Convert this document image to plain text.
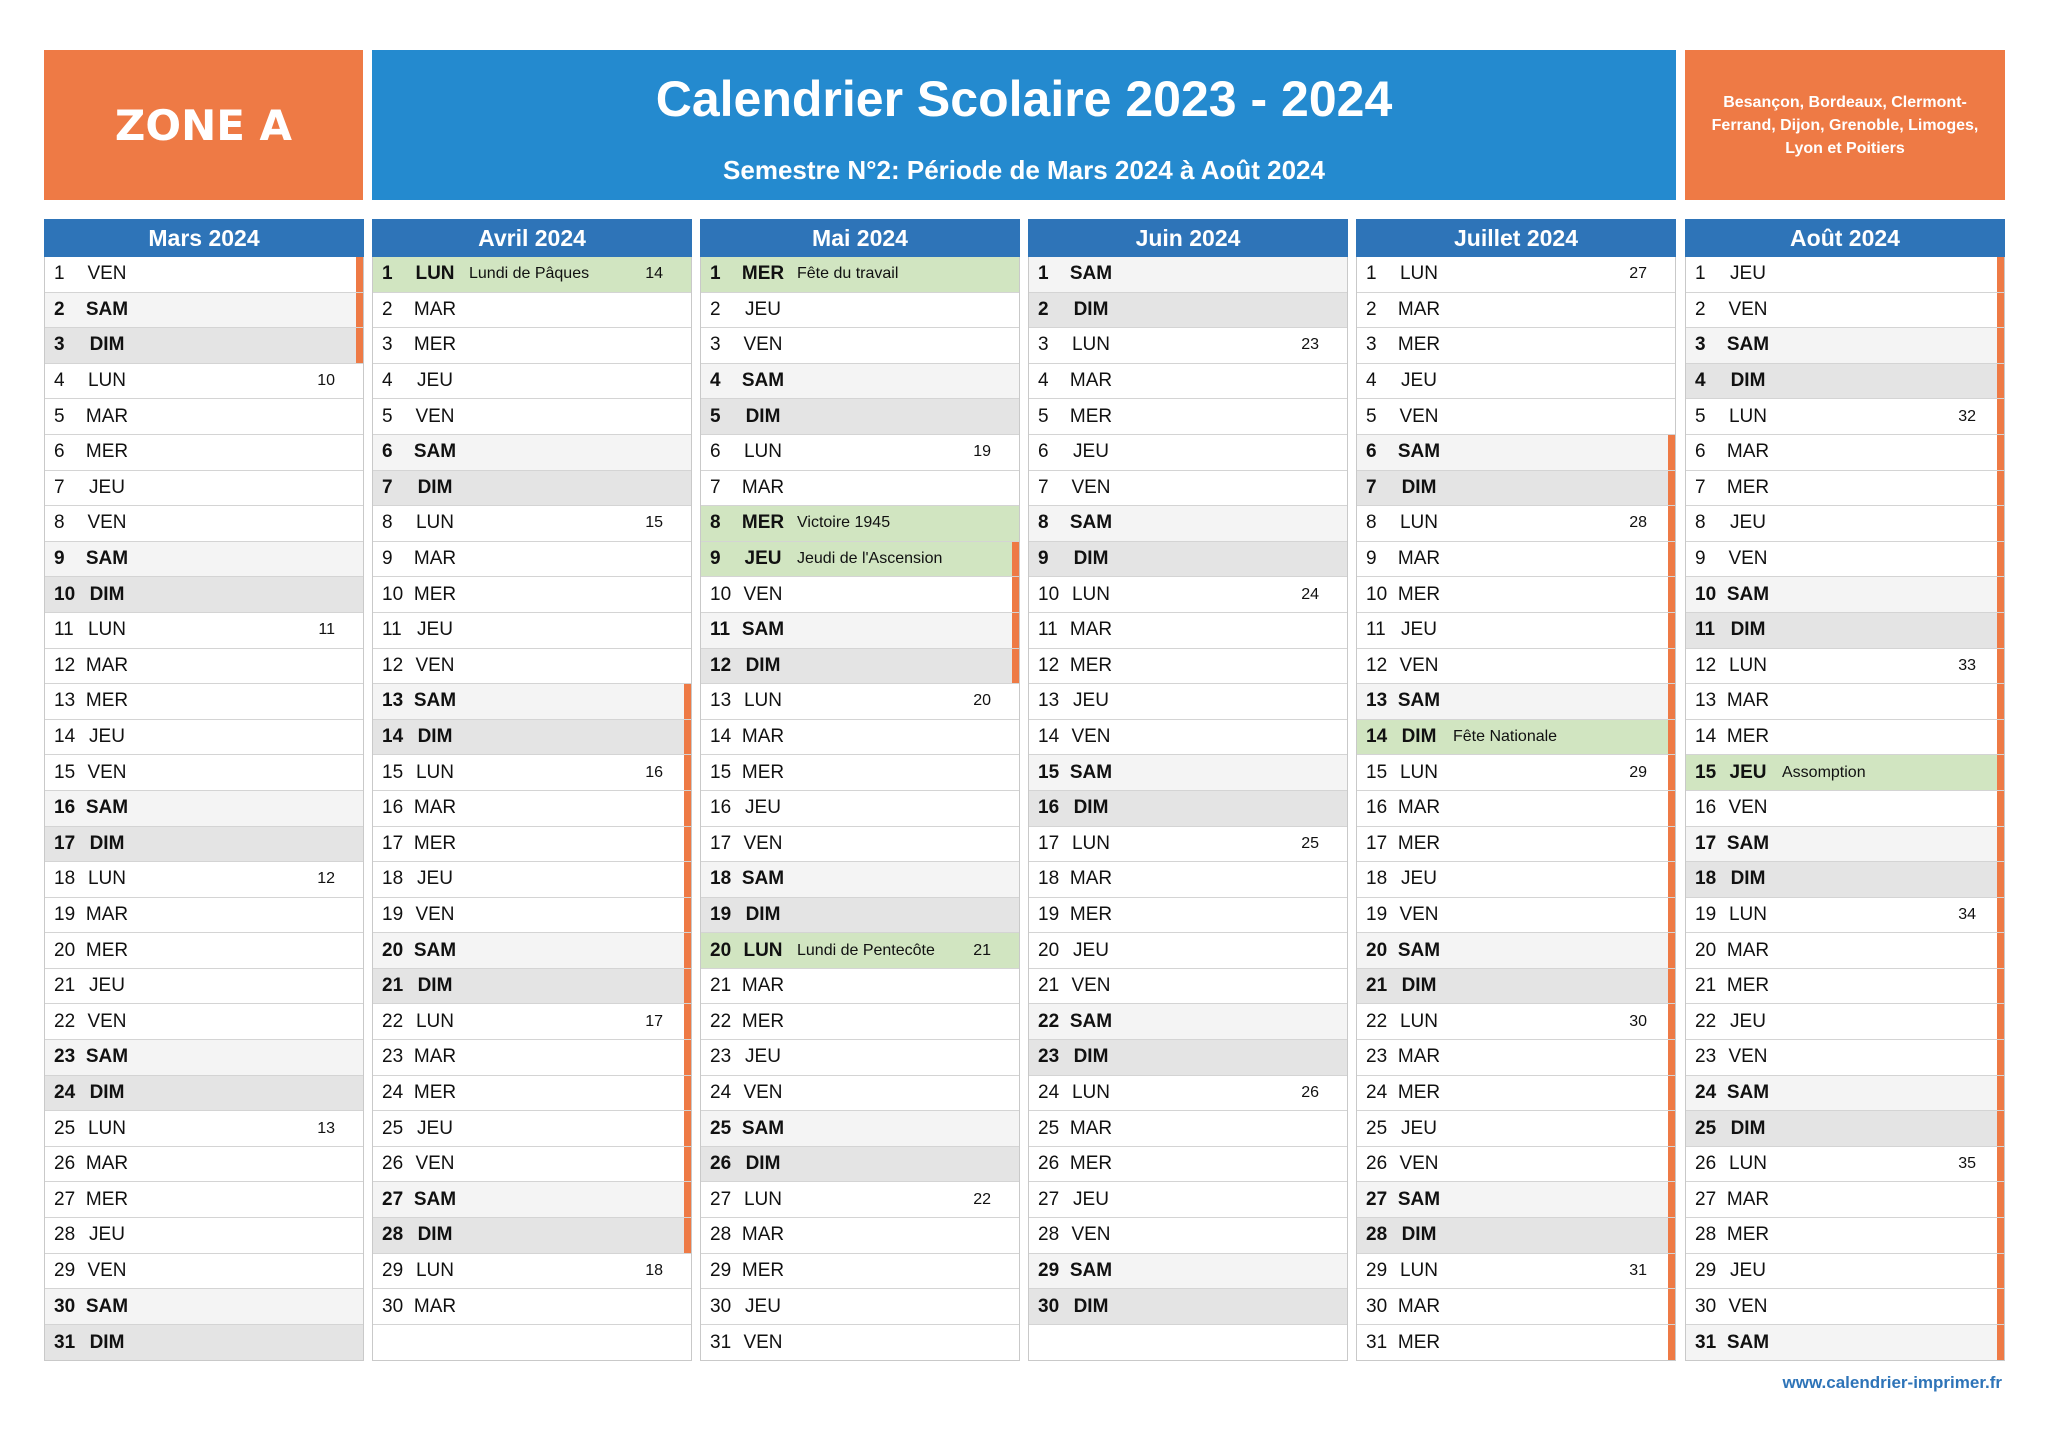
ZONE A	Calendrier Scolaire 2023 - 2024
Semestre N°2: Période de Mars 2024 à Août 2024
Besançon, Bordeaux, Clermont-Ferrand, Dijon, Grenoble, Limoges, Lyon et Poitiers
Mars 2024
1	VEN
2	SAM
3	DIM
4	LUN	10
5	MAR
6	MER
7	JEU
8	VEN
9	SAM
10 DIM
11 LUN	11
12 MAR
13 MER
14 JEU
15 VEN
16 SAM
17 DIM
18 LUN	12
19 MAR
20 MER
21 JEU
22 VEN
23 SAM
24 DIM
25 LUN	13
26 MAR
27 MER
28 JEU
29 VEN
30 SAM
31 DIM
Avril 2024
1	LUN Lundi de Pâques	14
2	MAR
3	MER
4	JEU
5	VEN
6	SAM
7	DIM
8	LUN	15
9	MAR
10 MER
11 JEU
12 VEN
13 SAM
14 DIM
15 LUN	16
16 MAR
17 MER
18 JEU
19 VEN
20 SAM
21 DIM
22 LUN	17
23 MAR
24 MER
25 JEU
26 VEN
27 SAM
28 DIM
29 LUN	18
30 MAR
Mai 2024
1	MER Fête du travail
2	JEU
3	VEN
4	SAM
5	DIM
6	LUN	19
7	MAR
8	MER Victoire 1945
9	JEU Jeudi de l'Ascension
10 VEN
11 SAM
12 DIM
13 LUN	20
14 MAR
15 MER
16 JEU
17 VEN
18 SAM
19 DIM
20 LUN Lundi de Pentecôte 21
21 MAR
22 MER
23 JEU
24 VEN
25 SAM
26 DIM
27 LUN	22
28 MAR
29 MER
30 JEU
31 VEN
Juin 2024
1	SAM
2	DIM
3	LUN	23
4	MAR
5	MER
6	JEU
7	VEN
8	SAM
9	DIM
10 LUN	24
11 MAR
12 MER
13 JEU
14 VEN
15 SAM
16 DIM
17 LUN	25
18 MAR
19 MER
20 JEU
21 VEN
22 SAM
23 DIM
24 LUN	26
25 MAR
26 MER
27 JEU
28 VEN
29 SAM
30 DIM
Juillet 2024
1	LUN	27
2	MAR
3	MER
4	JEU
5	VEN
6	SAM
7	DIM
8	LUN	28
9	MAR
10 MER
11 JEU
12 VEN
13 SAM
14 DIM	Fête Nationale
15 LUN	29
16 MAR
17 MER
18 JEU
19 VEN
20 SAM
21 DIM
22 LUN	30
23 MAR
24 MER
25 JEU
26 VEN
27 SAM
28 DIM
29 LUN	31
30 MAR
31 MER
Août 2024
1	JEU
2	VEN
3	SAM
4	DIM
5	LUN	32
6	MAR
7	MER
8	JEU
9	VEN
10 SAM
11 DIM
12 LUN	33
13 MAR
14 MER
15 JEU Assomption
16 VEN
17 SAM
18 DIM
19 LUN	34
20 MAR
21 MER
22 JEU
23 VEN
24 SAM
25 DIM
26 LUN	35
27 MAR
28 MER
29 JEU
30 VEN
31 SAM
www.calendrier-imprimer.fr
